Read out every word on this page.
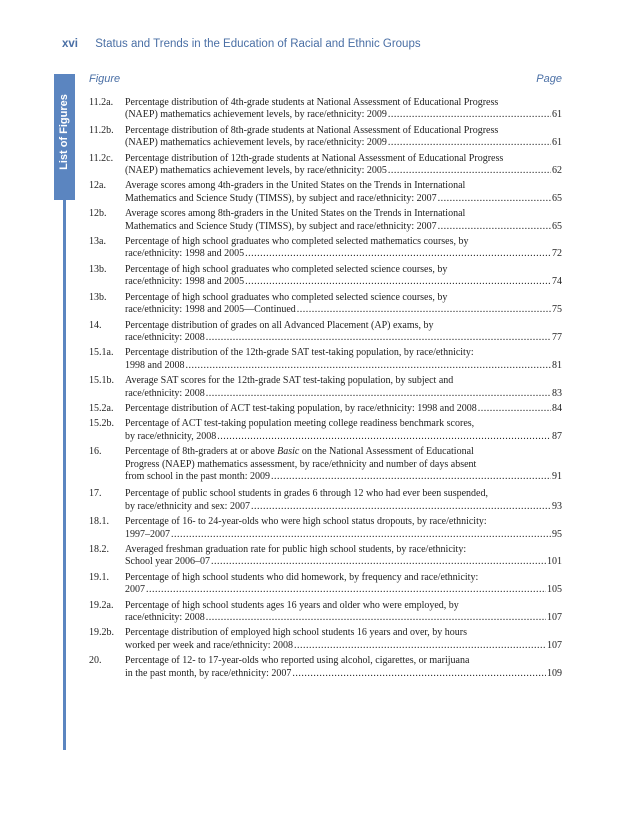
xvi Status and Trends in the Education of Racial and Ethnic Groups
List of Figures
Figure	Page
11.2a.	Percentage distribution of 4th-grade students at National Assessment of Educational Progress
(NAEP) mathematics achievement levels, by race/ethnicity: 2009 .....	61
11.2b.	Percentage distribution of 8th-grade students at National Assessment of Educational Progress
(NAEP) mathematics achievement levels, by race/ethnicity: 2009 .....	61
11.2c.	Percentage distribution of 12th-grade students at National Assessment of Educational Progress
(NAEP) mathematics achievement levels, by race/ethnicity: 2005 .....	62
12a.	Average scores among 4th-graders in the United States on the Trends in International
Mathematics and Science Study (TIMSS), by subject and race/ethnicity: 2007 .....	65
12b.	Average scores among 8th-graders in the United States on the Trends in International
Mathematics and Science Study (TIMSS), by subject and race/ethnicity: 2007 .....	65
13a.	Percentage of high school graduates who completed selected mathematics courses, by
race/ethnicity: 1998 and 2005 .....	72
13b.	Percentage of high school graduates who completed selected science courses, by
race/ethnicity: 1998 and 2005 .....	74
13b.	Percentage of high school graduates who completed selected science courses, by
race/ethnicity: 1998 and 2005—Continued .....	75
14.	Percentage distribution of grades on all Advanced Placement (AP) exams, by
race/ethnicity: 2008 .....	77
15.1a.	Percentage distribution of the 12th-grade SAT test-taking population, by race/ethnicity:
1998 and 2008 .....	81
15.1b.	Average SAT scores for the 12th-grade SAT test-taking population, by subject and
race/ethnicity: 2008 .....	83
15.2a.	Percentage distribution of ACT test-taking population, by race/ethnicity: 1998 and 2008 .....	84
15.2b.	Percentage of ACT test-taking population meeting college readiness benchmark scores,
by race/ethnicity, 2008 .....	87
16.	Percentage of 8th-graders at or above Basic on the National Assessment of Educational
Progress (NAEP) mathematics assessment, by race/ethnicity and number of days absent
from school in the past month: 2009 .....	91
17.	Percentage of public school students in grades 6 through 12 who had ever been suspended,
by race/ethnicity and sex: 2007 .....	93
18.1.	Percentage of 16- to 24-year-olds who were high school status dropouts, by race/ethnicity:
1997–2007 .....	95
18.2.	Averaged freshman graduation rate for public high school students, by race/ethnicity:
School year 2006–07 .....	101
19.1.	Percentage of high school students who did homework, by frequency and race/ethnicity:
2007 .....	105
19.2a.	Percentage of high school students ages 16 years and older who were employed, by
race/ethnicity: 2008 .....	107
19.2b.	Percentage distribution of employed high school students 16 years and over, by hours
worked per week and race/ethnicity: 2008 .....	107
20.	Percentage of 12- to 17-year-olds who reported using alcohol, cigarettes, or marijuana
in the past month, by race/ethnicity: 2007 .....	109
